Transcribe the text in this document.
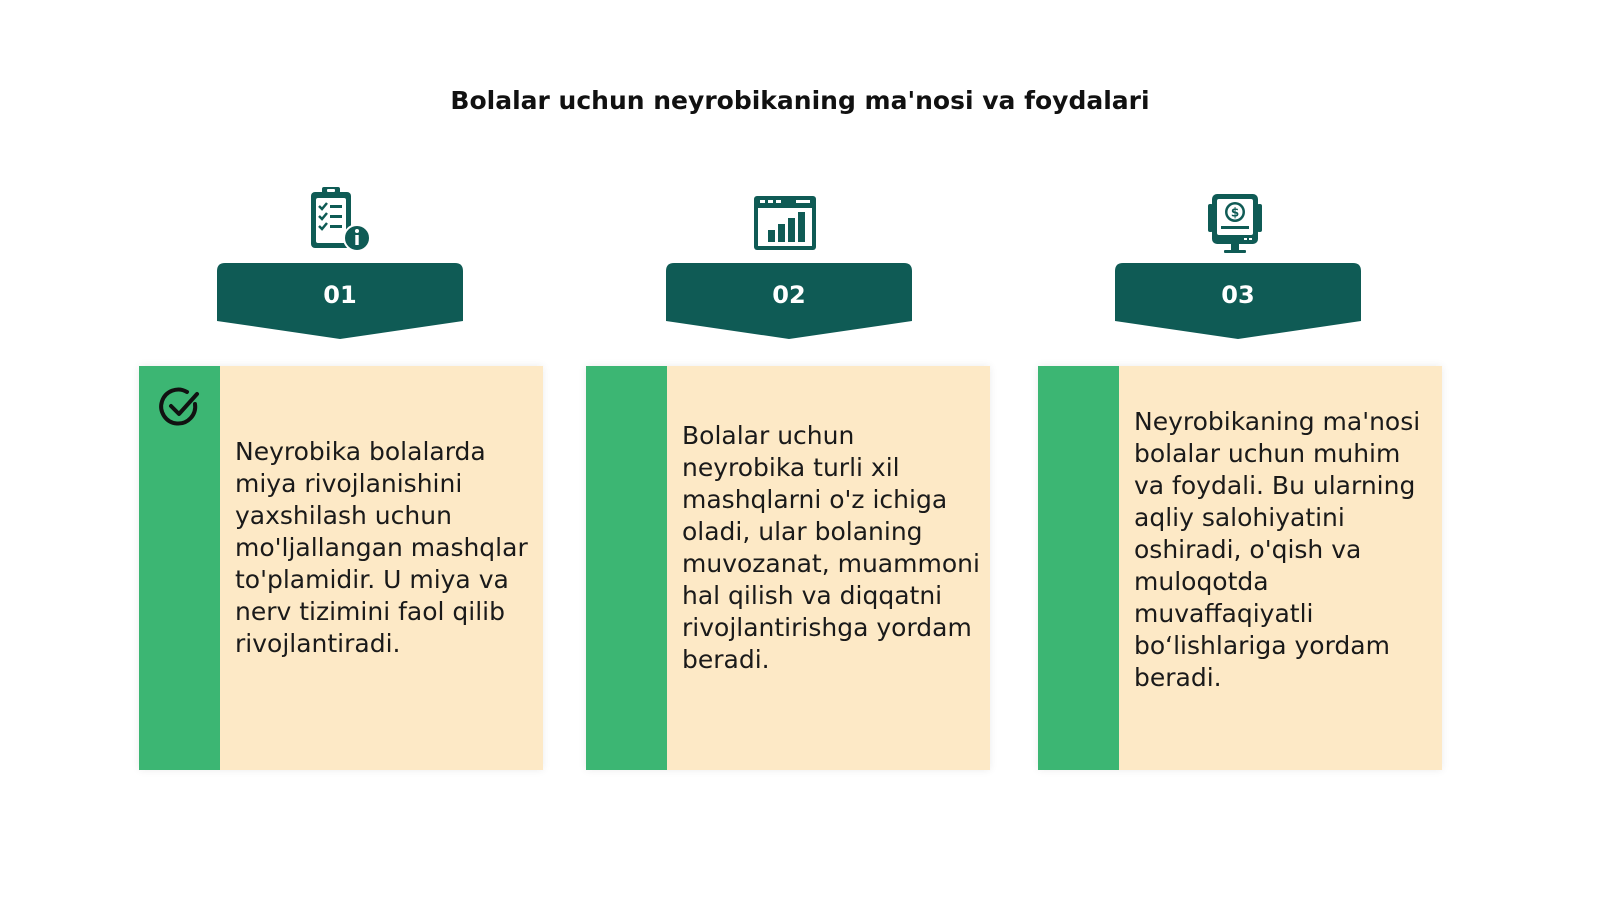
Bolalar uchun neyrobikaning ma'nosi va foydalari
01
Neyrobika bolalarda miya rivojlanishini yaxshilash uchun mo'ljallangan mashqlar to'plamidir. U miya va nerv tizimini faol qilib rivojlantiradi.
02
Bolalar uchun neyrobika turli xil mashqlarni o'z ichiga oladi, ular bolaning muvozanat, muammoni hal qilish va diqqatni rivojlantirishga yordam beradi.
$
03
Neyrobikaning ma'nosi bolalar uchun muhim va foydali. Bu ularning aqliy salohiyatini oshiradi, o'qish va muloqotda muvaffaqiyatli bo‘lishlariga yordam beradi.
